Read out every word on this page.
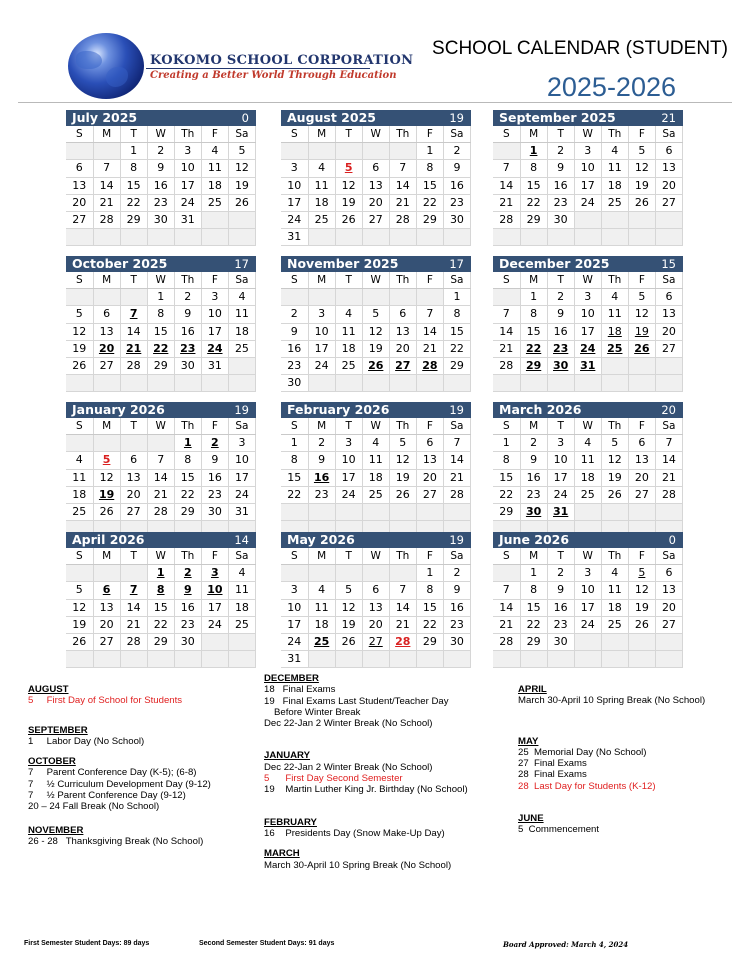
KOKOMO SCHOOL CORPORATION
Creating a Better World Through Education
SCHOOL CALENDAR (STUDENT)
2025-2026
July 2025	0
S	M	T	W	Th	F	Sa
		1	2	3	4	5
6	7	8	9	10	11	12
13	14	15	16	17	18	19
20	21	22	23	24	25	26
27	28	29	30	31		

August 2025	19
S	M	T	W	Th	F	Sa
					1	2
3	4	5	6	7	8	9
10	11	12	13	14	15	16
17	18	19	20	21	22	23
24	25	26	27	28	29	30
31						
September 2025	21
S	M	T	W	Th	F	Sa
	1	2	3	4	5	6
7	8	9	10	11	12	13
14	15	16	17	18	19	20
21	22	23	24	25	26	27
28	29	30				

October 2025	17
S	M	T	W	Th	F	Sa
			1	2	3	4
5	6	7	8	9	10	11
12	13	14	15	16	17	18
19	20	21	22	23	24	25
26	27	28	29	30	31	

November 2025	17
S	M	T	W	Th	F	Sa
						1
2	3	4	5	6	7	8
9	10	11	12	13	14	15
16	17	18	19	20	21	22
23	24	25	26	27	28	29
30						
December 2025	15
S	M	T	W	Th	F	Sa
	1	2	3	4	5	6
7	8	9	10	11	12	13
14	15	16	17	18	19	20
21	22	23	24	25	26	27
28	29	30	31			

January 2026	19
S	M	T	W	Th	F	Sa
				1	2	3
4	5	6	7	8	9	10
11	12	13	14	15	16	17
18	19	20	21	22	23	24
25	26	27	28	29	30	31

February 2026	19
S	M	T	W	Th	F	Sa
1	2	3	4	5	6	7
8	9	10	11	12	13	14
15	16	17	18	19	20	21
22	23	24	25	26	27	28

March 2026	20
S	M	T	W	Th	F	Sa
1	2	3	4	5	6	7
8	9	10	11	12	13	14
15	16	17	18	19	20	21
22	23	24	25	26	27	28
29	30	31				

April 2026	14
S	M	T	W	Th	F	Sa
			1	2	3	4
5	6	7	8	9	10	11
12	13	14	15	16	17	18
19	20	21	22	23	24	25
26	27	28	29	30		

May 2026	19
S	M	T	W	Th	F	Sa
					1	2
3	4	5	6	7	8	9
10	11	12	13	14	15	16
17	18	19	20	21	22	23
24	25	26	27	28	29	30
31						
June 2026	0
S	M	T	W	Th	F	Sa
	1	2	3	4	5	6
7	8	9	10	11	12	13
14	15	16	17	18	19	20
21	22	23	24	25	26	27
28	29	30				

AUGUST
5     First Day of School for Students
SEPTEMBER
1     Labor Day (No School)
OCTOBER
7     Parent Conference Day (K-5); (6-8)
7     ½ Curriculum Development Day (9-12)
7     ½ Parent Conference Day (9-12)
20 – 24 Fall Break (No School)
NOVEMBER
26 - 28   Thanksgiving Break (No School)
DECEMBER
18   Final Exams
19   Final Exams Last Student/Teacher Day
Before Winter Break
Dec 22-Jan 2 Winter Break (No School)
JANUARY
Dec 22-Jan 2 Winter Break (No School)
5      First Day Second Semester
19    Martin Luther King Jr. Birthday (No School)
FEBRUARY
16    Presidents Day (Snow Make-Up Day)
MARCH
March 30-April 10 Spring Break (No School)
APRIL
March 30-April 10 Spring Break (No School)
MAY
25  Memorial Day (No School)
27  Final Exams
28  Final Exams
28  Last Day for Students (K-12)
JUNE
5  Commencement
First Semester Student Days: 89 days	Second Semester Student Days: 91 days	Board Approved: March 4, 2024
